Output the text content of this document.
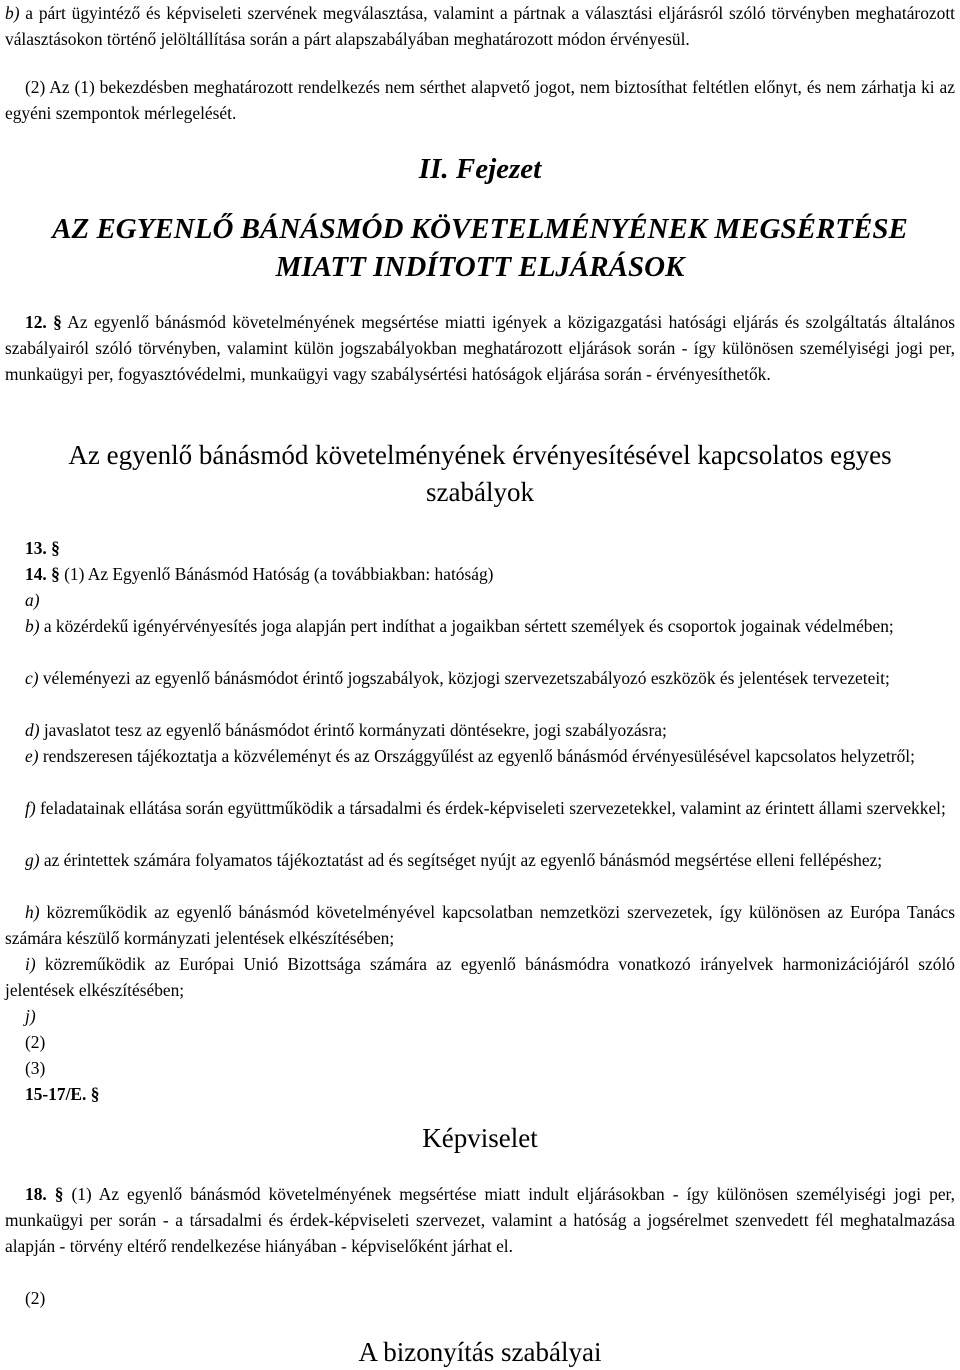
b) a párt ügyintéző és képviseleti szervének megválasztása, valamint a pártnak a választási eljárásról szóló törvényben meghatározott választásokon történő jelöltállítása során a párt alapszabályában meghatározott módon érvényesül.

(2) Az (1) bekezdésben meghatározott rendelkezés nem sérthet alapvető jogot, nem biztosíthat feltétlen előnyt, és nem zárhatja ki az egyéni szempontok mérlegelését.

II. Fejezet
AZ EGYENLŐ BÁNÁSMÓD KÖVETELMÉNYÉNEK MEGSÉRTÉSE
MIATT INDÍTOTT ELJÁRÁSOK

12. § Az egyenlő bánásmód követelményének megsértése miatti igények a közigazgatási hatósági eljárás és szolgáltatás általános szabályairól szóló törvényben, valamint külön jogszabályokban meghatározott eljárások során - így különösen személyiségi jogi per, munkaügyi per, fogyasztóvédelmi, munkaügyi vagy szabálysértési hatóságok eljárása során - érvényesíthetők.

Az egyenlő bánásmód követelményének érvényesítésével kapcsolatos egyes
szabályok

13. §

14. § (1) Az Egyenlő Bánásmód Hatóság (a továbbiakban: hatóság)

a)

b) a közérdekű igényérvényesítés joga alapján pert indíthat a jogaikban sértett személyek és csoportok jogainak védelmében;

c) véleményezi az egyenlő bánásmódot érintő jogszabályok, közjogi szervezetszabályozó eszközök és jelentések tervezeteit;

d) javaslatot tesz az egyenlő bánásmódot érintő kormányzati döntésekre, jogi szabályozásra;

e) rendszeresen tájékoztatja a közvéleményt és az Országgyűlést az egyenlő bánásmód érvényesülésével kapcsolatos helyzetről;

f) feladatainak ellátása során együttműködik a társadalmi és érdek-képviseleti szervezetekkel, valamint az érintett állami szervekkel;

g) az érintettek számára folyamatos tájékoztatást ad és segítséget nyújt az egyenlő bánásmód megsértése elleni fellépéshez;

h) közreműködik az egyenlő bánásmód követelményével kapcsolatban nemzetközi szervezetek, így különösen az Európa Tanács számára készülő kormányzati jelentések elkészítésében;

i) közreműködik az Európai Unió Bizottsága számára az egyenlő bánásmódra vonatkozó irányelvek harmonizációjáról szóló jelentések elkészítésében;

j)

(2)

(3)

15-17/E. §

Képviselet

18. § (1) Az egyenlő bánásmód követelményének megsértése miatt indult eljárásokban - így különösen személyiségi jogi per, munkaügyi per során - a társadalmi és érdek-képviseleti szervezet, valamint a hatóság a jogsérelmet szenvedett fél meghatalmazása alapján - törvény eltérő rendelkezése hiányában - képviselőként járhat el.

(2)

A bizonyítás szabályai
